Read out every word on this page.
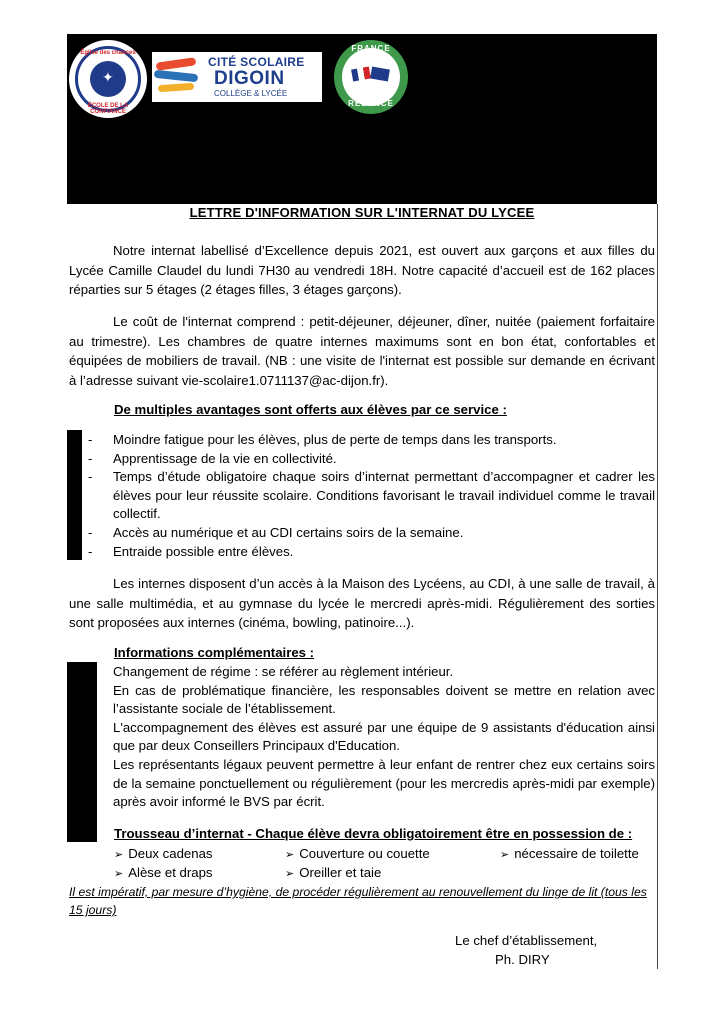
Église des chances
✦
ÉCOLE DE LA CONFIANCE
CITÉ SCOLAIRE
DIGOIN
COLLÈGE & LYCÉE
FRANCE
RELANCE
LETTRE D'INFORMATION SUR L'INTERNAT DU LYCEE
Notre internat labellisé d’Excellence depuis 2021, est ouvert aux garçons et aux filles du Lycée Camille Claudel du lundi 7H30 au vendredi 18H. Notre capacité d’accueil est de 162 places réparties sur 5 étages (2 étages filles, 3 étages garçons).
Le coût de l'internat comprend : petit-déjeuner, déjeuner, dîner, nuitée (paiement forfaitaire au trimestre). Les chambres de quatre internes maximums sont en bon état, confortables et équipées de mobiliers de travail. (NB : une visite de l'internat est possible sur demande en écrivant à l’adresse suivant vie-scolaire1.0711137@ac-dijon.fr).
De multiples avantages sont offerts aux élèves par ce service :
- Moindre fatigue pour les élèves, plus de perte de temps dans les transports.
- Apprentissage de la vie en collectivité.
- Temps d’étude obligatoire chaque soirs d’internat permettant d’accompagner et cadrer les élèves pour leur réussite scolaire. Conditions favorisant le travail individuel comme le travail collectif.
- Accès au numérique et au CDI certains soirs de la semaine.
- Entraide possible entre élèves.
Les internes disposent d’un accès à la Maison des Lycéens, au CDI, à une salle de travail, à une salle multimédia, et au gymnase du lycée le mercredi après-midi. Régulièrement des sorties sont proposées aux internes (cinéma, bowling, patinoire...).
Informations complémentaires :
- Changement de régime : se référer au règlement intérieur.
- En cas de problématique financière, les responsables doivent se mettre en relation avec l’assistante sociale de l’établissement.
- L'accompagnement des élèves est assuré par une équipe de 9 assistants d'éducation ainsi que par deux Conseillers Principaux d'Education.
- Les représentants légaux peuvent permettre à leur enfant de rentrer chez eux certains soirs de la semaine ponctuellement ou régulièrement (pour les mercredis après-midi par exemple) après avoir informé le BVS par écrit.
Trousseau d’internat - Chaque élève devra obligatoirement être en possession de :
➢ Deux cadenas	➢ Couverture ou couette	➢ nécessaire de toilette
➢ Alèse et draps	➢ Oreiller et taie
Il est impératif, par mesure d’hygiène, de procéder régulièrement au renouvellement du linge de lit (tous les 15 jours)
Le chef d’établissement,
Ph. DIRY
